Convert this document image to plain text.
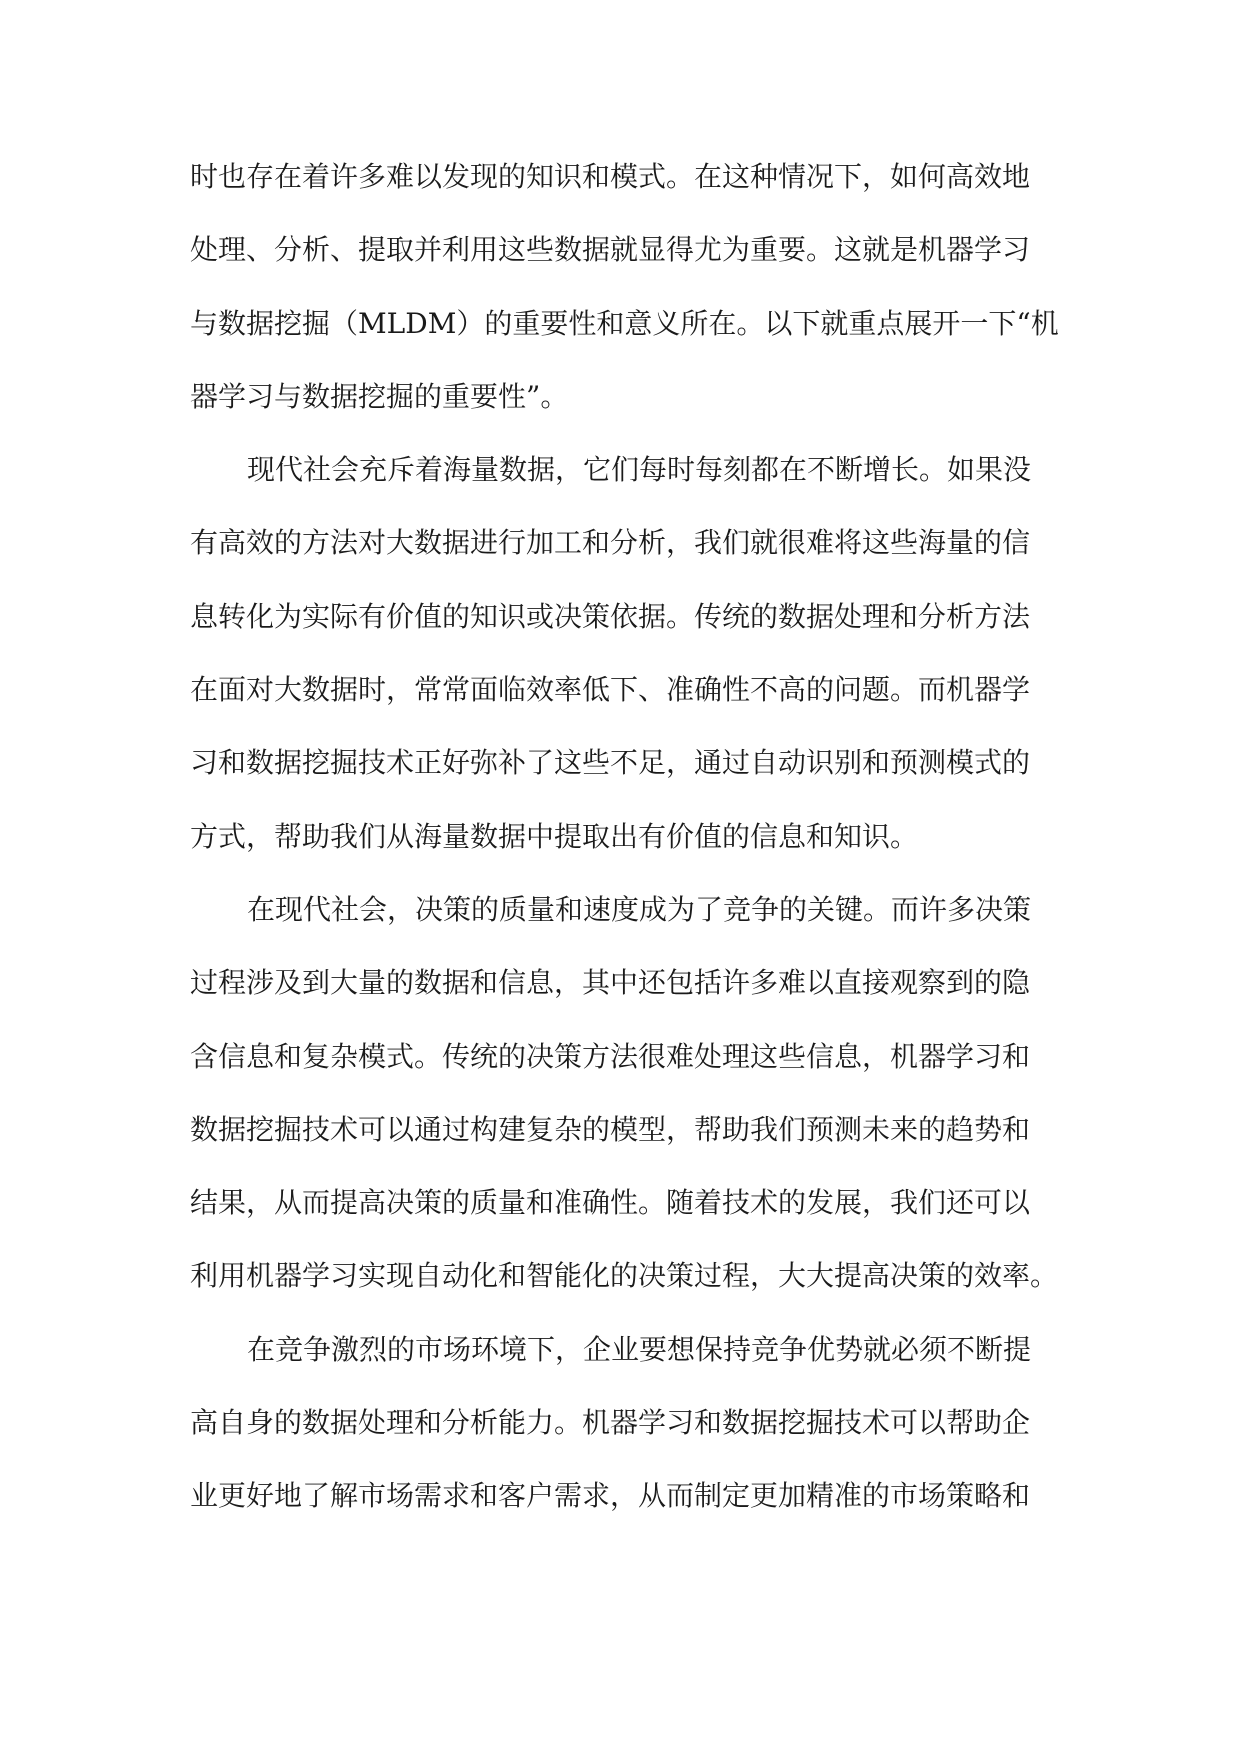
时也存在着许多难以发现的知识和模式。在这种情况下，如何高效地
处理、分析、提取并利用这些数据就显得尤为重要。这就是机器学习
与数据挖掘（MLDM）的重要性和意义所在。以下就重点展开一下“机
器学习与数据挖掘的重要性”。
现代社会充斥着海量数据，它们每时每刻都在不断增长。如果没
有高效的方法对大数据进行加工和分析，我们就很难将这些海量的信
息转化为实际有价值的知识或决策依据。传统的数据处理和分析方法
在面对大数据时，常常面临效率低下、准确性不高的问题。而机器学
习和数据挖掘技术正好弥补了这些不足，通过自动识别和预测模式的
方式，帮助我们从海量数据中提取出有价值的信息和知识。
在现代社会，决策的质量和速度成为了竞争的关键。而许多决策
过程涉及到大量的数据和信息，其中还包括许多难以直接观察到的隐
含信息和复杂模式。传统的决策方法很难处理这些信息，机器学习和
数据挖掘技术可以通过构建复杂的模型，帮助我们预测未来的趋势和
结果，从而提高决策的质量和准确性。随着技术的发展，我们还可以
利用机器学习实现自动化和智能化的决策过程，大大提高决策的效率。
在竞争激烈的市场环境下，企业要想保持竞争优势就必须不断提
高自身的数据处理和分析能力。机器学习和数据挖掘技术可以帮助企
业更好地了解市场需求和客户需求，从而制定更加精准的市场策略和
